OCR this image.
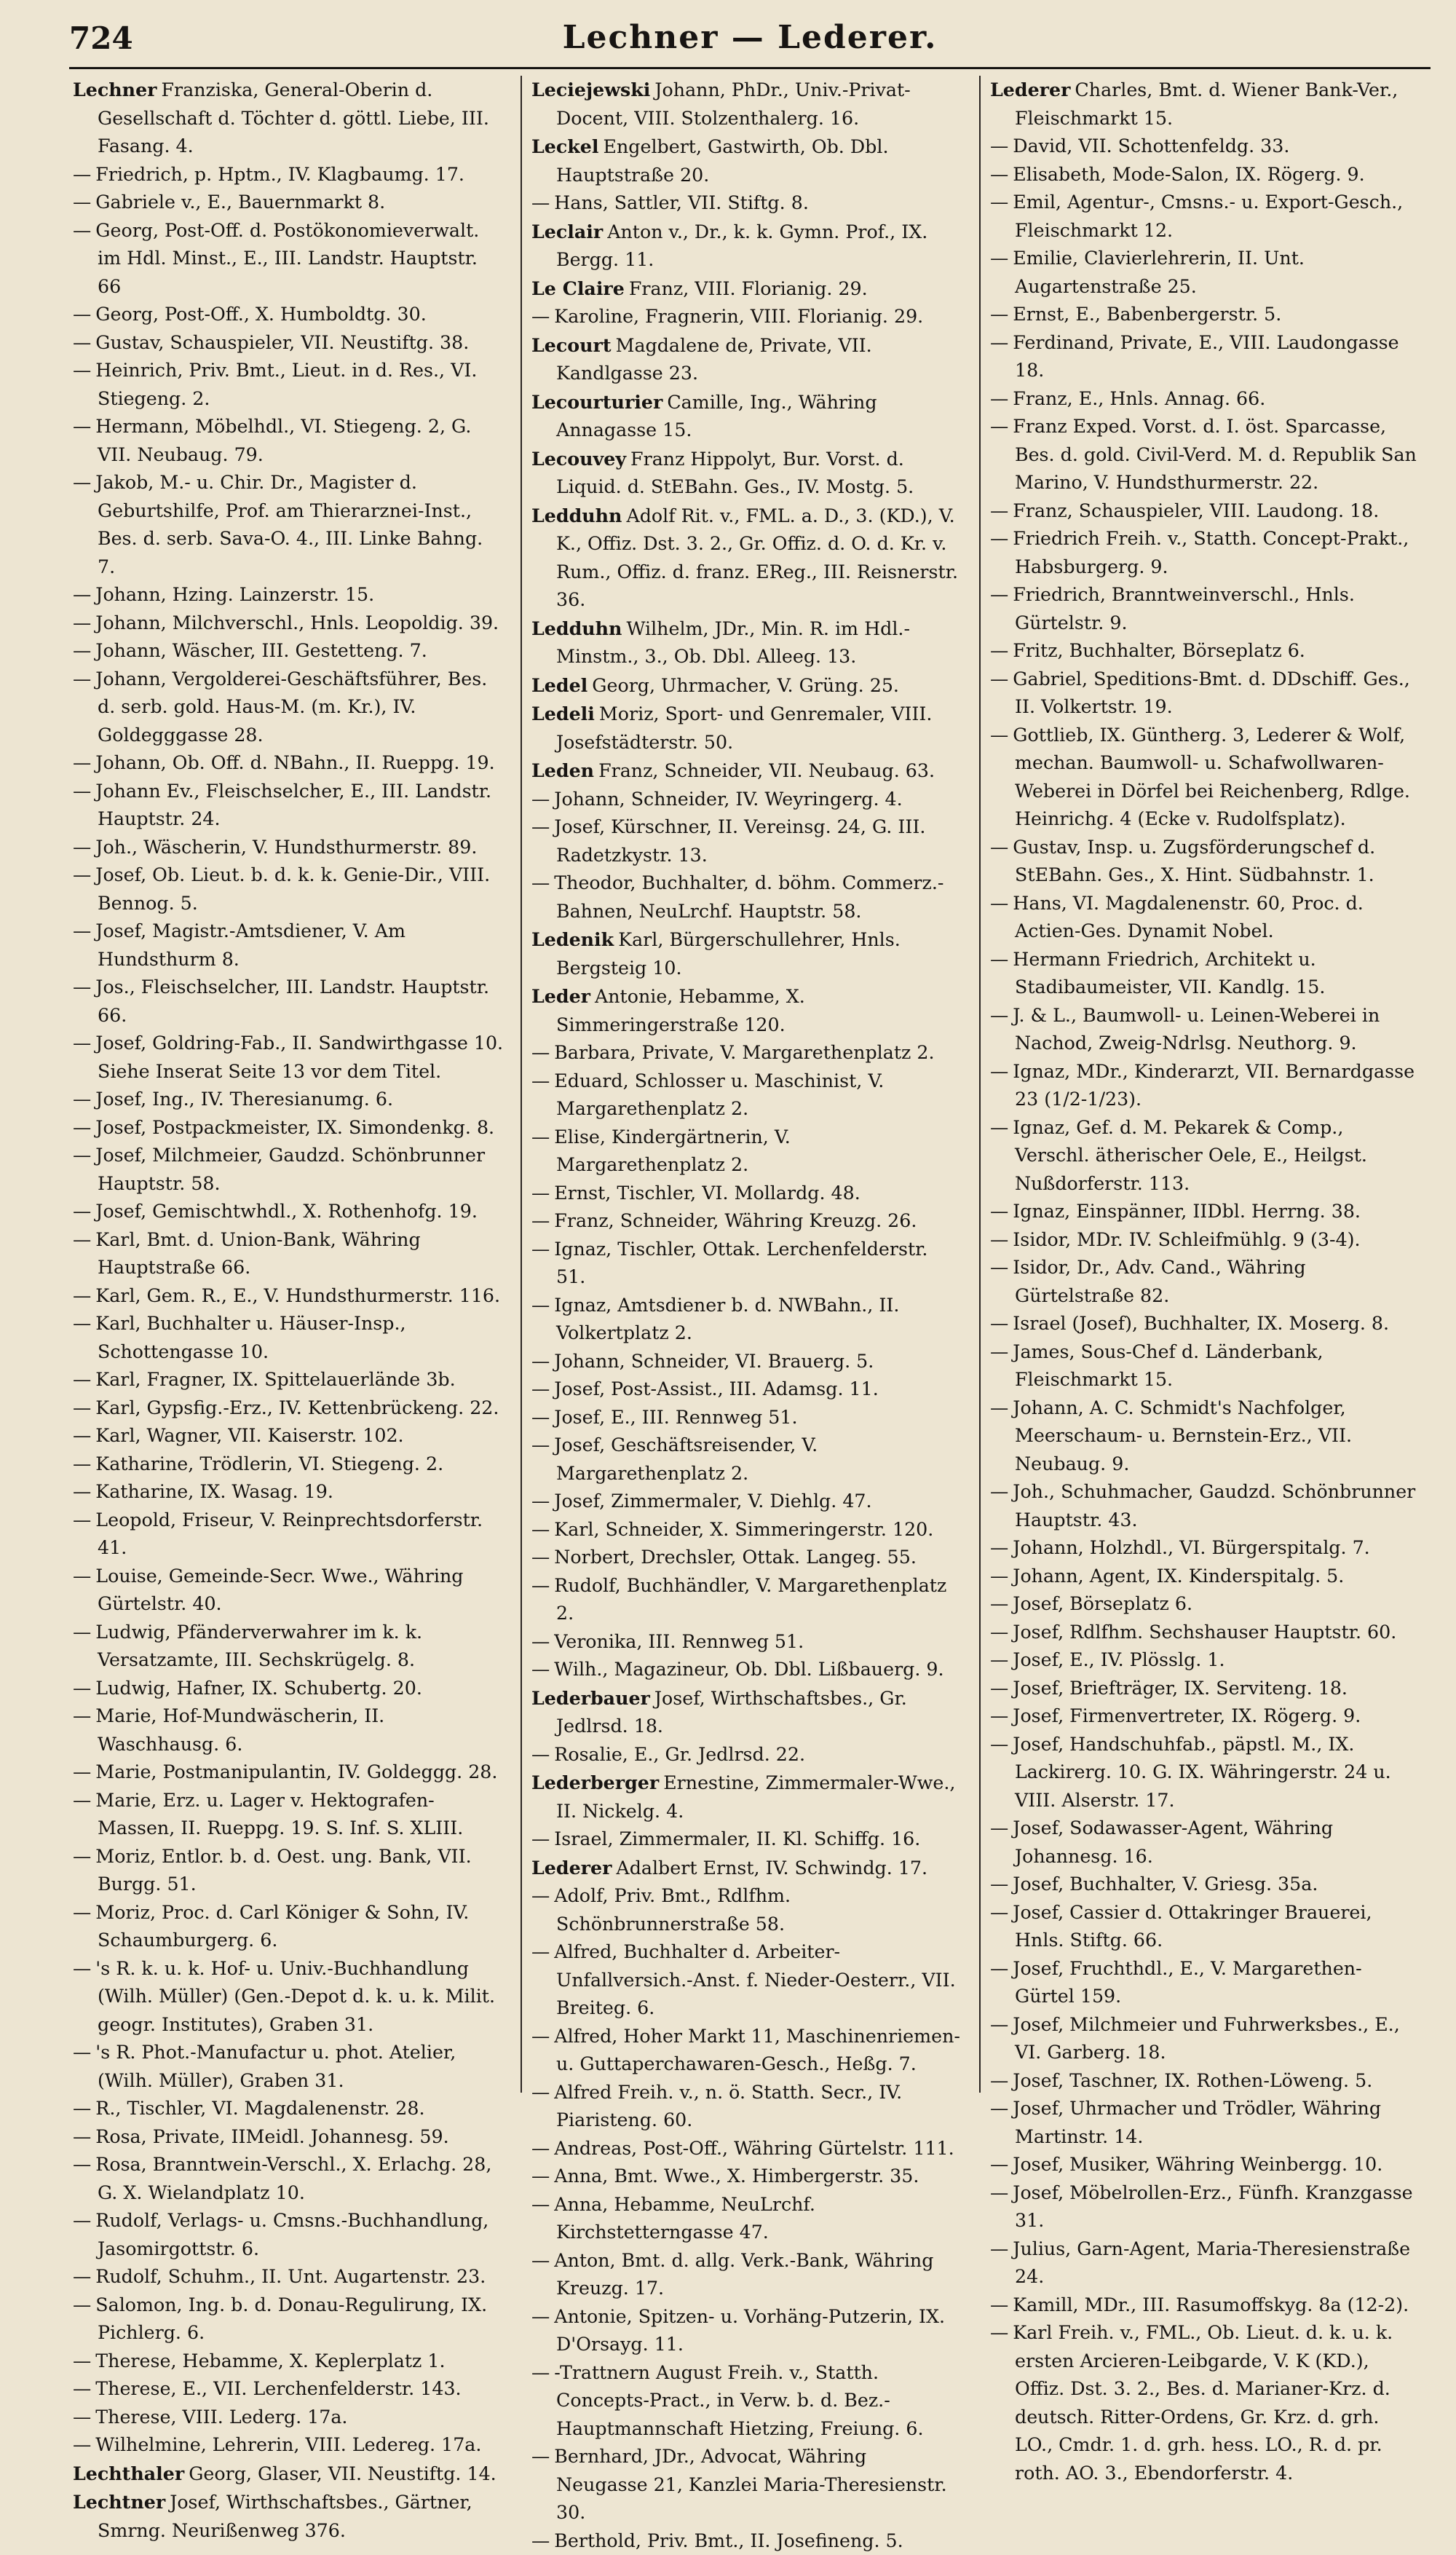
724	Lechner — Lederer.
Lechner Franziska, General-Oberin d. Gesellschaft d. Töchter d. göttl. Liebe, III. Fasang. 4.
— Friedrich, p. Hptm., IV. Klagbaumg. 17.
— Gabriele v., E., Bauernmarkt 8.
— Georg, Post-Off. d. Postökonomieverwalt. im Hdl. Minst., E., III. Landstr. Hauptstr. 66
— Georg, Post-Off., X. Humboldtg. 30.
— Gustav, Schauspieler, VII. Neustiftg. 38.
— Heinrich, Priv. Bmt., Lieut. in d. Res., VI. Stiegeng. 2.
— Hermann, Möbelhdl., VI. Stiegeng. 2, G. VII. Neubaug. 79.
— Jakob, M.- u. Chir. Dr., Magister d. Geburtshilfe, Prof. am Thierarznei-Inst., Bes. d. serb. Sava-O. 4., III. Linke Bahng. 7.
— Johann, Hzing. Lainzerstr. 15.
— Johann, Milchverschl., Hnls. Leopoldig. 39.
— Johann, Wäscher, III. Gestetteng. 7.
— Johann, Vergolderei-Geschäftsführer, Bes. d. serb. gold. Haus-M. (m. Kr.), IV. Goldegggasse 28.
— Johann, Ob. Off. d. NBahn., II. Rueppg. 19.
— Johann Ev., Fleischselcher, E., III. Landstr. Hauptstr. 24.
— Joh., Wäscherin, V. Hundsthurmerstr. 89.
— Josef, Ob. Lieut. b. d. k. k. Genie-Dir., VIII. Bennog. 5.
— Josef, Magistr.-Amtsdiener, V. Am Hundsthurm 8.
— Jos., Fleischselcher, III. Landstr. Hauptstr. 66.
— Josef, Goldring-Fab., II. Sandwirthgasse 10. Siehe Inserat Seite 13 vor dem Titel.
— Josef, Ing., IV. Theresianumg. 6.
— Josef, Postpackmeister, IX. Simondenkg. 8.
— Josef, Milchmeier, Gaudzd. Schönbrunner Hauptstr. 58.
— Josef, Gemischtwhdl., X. Rothenhofg. 19.
— Karl, Bmt. d. Union-Bank, Währing Hauptstraße 66.
— Karl, Gem. R., E., V. Hundsthurmerstr. 116.
— Karl, Buchhalter u. Häuser-Insp., Schottengasse 10.
— Karl, Fragner, IX. Spittelauerlände 3b.
— Karl, Gypsfig.-Erz., IV. Kettenbrückeng. 22.
— Karl, Wagner, VII. Kaiserstr. 102.
— Katharine, Trödlerin, VI. Stiegeng. 2.
— Katharine, IX. Wasag. 19.
— Leopold, Friseur, V. Reinprechtsdorferstr. 41.
— Louise, Gemeinde-Secr. Wwe., Währing Gürtelstr. 40.
— Ludwig, Pfänderverwahrer im k. k. Versatzamte, III. Sechskrügelg. 8.
— Ludwig, Hafner, IX. Schubertg. 20.
— Marie, Hof-Mundwäscherin, II. Waschhausg. 6.
— Marie, Postmanipulantin, IV. Goldeggg. 28.
— Marie, Erz. u. Lager v. Hektografen-Massen, II. Rueppg. 19. S. Inf. S. XLIII.
— Moriz, Entlor. b. d. Oest. ung. Bank, VII. Burgg. 51.
— Moriz, Proc. d. Carl Königer & Sohn, IV. Schaumburgerg. 6.
— 's R. k. u. k. Hof- u. Univ.-Buchhandlung (Wilh. Müller) (Gen.-Depot d. k. u. k. Milit. geogr. Institutes), Graben 31.
— 's R. Phot.-Manufactur u. phot. Atelier, (Wilh. Müller), Graben 31.
— R., Tischler, VI. Magdalenenstr. 28.
— Rosa, Private, IIMeidl. Johannesg. 59.
— Rosa, Branntwein-Verschl., X. Erlachg. 28, G. X. Wielandplatz 10.
— Rudolf, Verlags- u. Cmsns.-Buchhandlung, Jasomirgottstr. 6.
— Rudolf, Schuhm., II. Unt. Augartenstr. 23.
— Salomon, Ing. b. d. Donau-Regulirung, IX. Pichlerg. 6.
— Therese, Hebamme, X. Keplerplatz 1.
— Therese, E., VII. Lerchenfelderstr. 143.
— Therese, VIII. Lederg. 17a.
— Wilhelmine, Lehrerin, VIII. Ledereg. 17a.
Lechthaler Georg, Glaser, VII. Neustiftg. 14.
Lechtner Josef, Wirthschaftsbes., Gärtner, Smrng. Neurißenweg 376.
Leciejewski Johann, PhDr., Univ.-Privat-Docent, VIII. Stolzenthalerg. 16.
Leckel Engelbert, Gastwirth, Ob. Dbl. Hauptstraße 20.
— Hans, Sattler, VII. Stiftg. 8.
Leclair Anton v., Dr., k. k. Gymn. Prof., IX. Bergg. 11.
Le Claire Franz, VIII. Florianig. 29.
— Karoline, Fragnerin, VIII. Florianig. 29.
Lecourt Magdalene de, Private, VII. Kandlgasse 23.
Lecourturier Camille, Ing., Währing Annagasse 15.
Lecouvey Franz Hippolyt, Bur. Vorst. d. Liquid. d. StEBahn. Ges., IV. Mostg. 5.
Ledduhn Adolf Rit. v., FML. a. D., 3. (KD.), V. K., Offiz. Dst. 3. 2., Gr. Offiz. d. O. d. Kr. v. Rum., Offiz. d. franz. EReg., III. Reisnerstr. 36.
Ledduhn Wilhelm, JDr., Min. R. im Hdl.-Minstm., 3., Ob. Dbl. Alleeg. 13.
Ledel Georg, Uhrmacher, V. Grüng. 25.
Ledeli Moriz, Sport- und Genremaler, VIII. Josefstädterstr. 50.
Leden Franz, Schneider, VII. Neubaug. 63.
— Johann, Schneider, IV. Weyringerg. 4.
— Josef, Kürschner, II. Vereinsg. 24, G. III. Radetzkystr. 13.
— Theodor, Buchhalter, d. böhm. Commerz.-Bahnen, NeuLrchf. Hauptstr. 58.
Ledenik Karl, Bürgerschullehrer, Hnls. Bergsteig 10.
Leder Antonie, Hebamme, X. Simmeringerstraße 120.
— Barbara, Private, V. Margarethenplatz 2.
— Eduard, Schlosser u. Maschinist, V. Margarethenplatz 2.
— Elise, Kindergärtnerin, V. Margarethenplatz 2.
— Ernst, Tischler, VI. Mollardg. 48.
— Franz, Schneider, Währing Kreuzg. 26.
— Ignaz, Tischler, Ottak. Lerchenfelderstr. 51.
— Ignaz, Amtsdiener b. d. NWBahn., II. Volkertplatz 2.
— Johann, Schneider, VI. Brauerg. 5.
— Josef, Post-Assist., III. Adamsg. 11.
— Josef, E., III. Rennweg 51.
— Josef, Geschäftsreisender, V. Margarethenplatz 2.
— Josef, Zimmermaler, V. Diehlg. 47.
— Karl, Schneider, X. Simmeringerstr. 120.
— Norbert, Drechsler, Ottak. Langeg. 55.
— Rudolf, Buchhändler, V. Margarethenplatz 2.
— Veronika, III. Rennweg 51.
— Wilh., Magazineur, Ob. Dbl. Lißbauerg. 9.
Lederbauer Josef, Wirthschaftsbes., Gr. Jedlrsd. 18.
— Rosalie, E., Gr. Jedlrsd. 22.
Lederberger Ernestine, Zimmermaler-Wwe., II. Nickelg. 4.
— Israel, Zimmermaler, II. Kl. Schiffg. 16.
Lederer Adalbert Ernst, IV. Schwindg. 17.
— Adolf, Priv. Bmt., Rdlfhm. Schönbrunnerstraße 58.
— Alfred, Buchhalter d. Arbeiter-Unfallversich.-Anst. f. Nieder-Oesterr., VII. Breiteg. 6.
— Alfred, Hoher Markt 11, Maschinenriemen- u. Guttaperchawaren-Gesch., Heßg. 7.
— Alfred Freih. v., n. ö. Statth. Secr., IV. Piaristeng. 60.
— Andreas, Post-Off., Währing Gürtelstr. 111.
— Anna, Bmt. Wwe., X. Himbergerstr. 35.
— Anna, Hebamme, NeuLrchf. Kirchstetterngasse 47.
— Anton, Bmt. d. allg. Verk.-Bank, Währing Kreuzg. 17.
— Antonie, Spitzen- u. Vorhäng-Putzerin, IX. D'Orsayg. 11.
— -Trattnern August Freih. v., Statth. Concepts-Pract., in Verw. b. d. Bez.-Hauptmannschaft Hietzing, Freiung. 6.
— Bernhard, JDr., Advocat, Währing Neugasse 21, Kanzlei Maria-Theresienstr. 30.
— Berthold, Priv. Bmt., II. Josefineng. 5.
Lederer Charles, Bmt. d. Wiener Bank-Ver., Fleischmarkt 15.
— David, VII. Schottenfeldg. 33.
— Elisabeth, Mode-Salon, IX. Rögerg. 9.
— Emil, Agentur-, Cmsns.- u. Export-Gesch., Fleischmarkt 12.
— Emilie, Clavierlehrerin, II. Unt. Augartenstraße 25.
— Ernst, E., Babenbergerstr. 5.
— Ferdinand, Private, E., VIII. Laudongasse 18.
— Franz, E., Hnls. Annag. 66.
— Franz Exped. Vorst. d. I. öst. Sparcasse, Bes. d. gold. Civil-Verd. M. d. Republik San Marino, V. Hundsthurmerstr. 22.
— Franz, Schauspieler, VIII. Laudong. 18.
— Friedrich Freih. v., Statth. Concept-Prakt., Habsburgerg. 9.
— Friedrich, Branntweinverschl., Hnls. Gürtelstr. 9.
— Fritz, Buchhalter, Börseplatz 6.
— Gabriel, Speditions-Bmt. d. DDschiff. Ges., II. Volkertstr. 19.
— Gottlieb, IX. Güntherg. 3, Lederer & Wolf, mechan. Baumwoll- u. Schafwollwaren-Weberei in Dörfel bei Reichenberg, Rdlge. Heinrichg. 4 (Ecke v. Rudolfsplatz).
— Gustav, Insp. u. Zugsförderungschef d. StEBahn. Ges., X. Hint. Südbahnstr. 1.
— Hans, VI. Magdalenenstr. 60, Proc. d. Actien-Ges. Dynamit Nobel.
— Hermann Friedrich, Architekt u. Stadibaumeister, VII. Kandlg. 15.
— J. & L., Baumwoll- u. Leinen-Weberei in Nachod, Zweig-Ndrlsg. Neuthorg. 9.
— Ignaz, MDr., Kinderarzt, VII. Bernardgasse 23 (1/2-1/23).
— Ignaz, Gef. d. M. Pekarek & Comp., Verschl. ätherischer Oele, E., Heilgst. Nußdorferstr. 113.
— Ignaz, Einspänner, IIDbl. Herrng. 38.
— Isidor, MDr. IV. Schleifmühlg. 9 (3-4).
— Isidor, Dr., Adv. Cand., Währing Gürtelstraße 82.
— Israel (Josef), Buchhalter, IX. Moserg. 8.
— James, Sous-Chef d. Länderbank, Fleischmarkt 15.
— Johann, A. C. Schmidt's Nachfolger, Meerschaum- u. Bernstein-Erz., VII. Neubaug. 9.
— Joh., Schuhmacher, Gaudzd. Schönbrunner Hauptstr. 43.
— Johann, Holzhdl., VI. Bürgerspitalg. 7.
— Johann, Agent, IX. Kinderspitalg. 5.
— Josef, Börseplatz 6.
— Josef, Rdlfhm. Sechshauser Hauptstr. 60.
— Josef, E., IV. Plösslg. 1.
— Josef, Briefträger, IX. Serviteng. 18.
— Josef, Firmenvertreter, IX. Rögerg. 9.
— Josef, Handschuhfab., päpstl. M., IX. Lackirerg. 10. G. IX. Währingerstr. 24 u. VIII. Alserstr. 17.
— Josef, Sodawasser-Agent, Währing Johannesg. 16.
— Josef, Buchhalter, V. Griesg. 35a.
— Josef, Cassier d. Ottakringer Brauerei, Hnls. Stiftg. 66.
— Josef, Fruchthdl., E., V. Margarethen-Gürtel 159.
— Josef, Milchmeier und Fuhrwerksbes., E., VI. Garberg. 18.
— Josef, Taschner, IX. Rothen-Löweng. 5.
— Josef, Uhrmacher und Trödler, Währing Martinstr. 14.
— Josef, Musiker, Währing Weinbergg. 10.
— Josef, Möbelrollen-Erz., Fünfh. Kranzgasse 31.
— Julius, Garn-Agent, Maria-Theresienstraße 24.
— Kamill, MDr., III. Rasumoffskyg. 8a (12-2).
— Karl Freih. v., FML., Ob. Lieut. d. k. u. k. ersten Arcieren-Leibgarde, V. K (KD.), Offiz. Dst. 3. 2., Bes. d. Marianer-Krz. d. deutsch. Ritter-Ordens, Gr. Krz. d. grh. LO., Cmdr. 1. d. grh. hess. LO., R. d. pr. roth. AO. 3., Ebendorferstr. 4.
